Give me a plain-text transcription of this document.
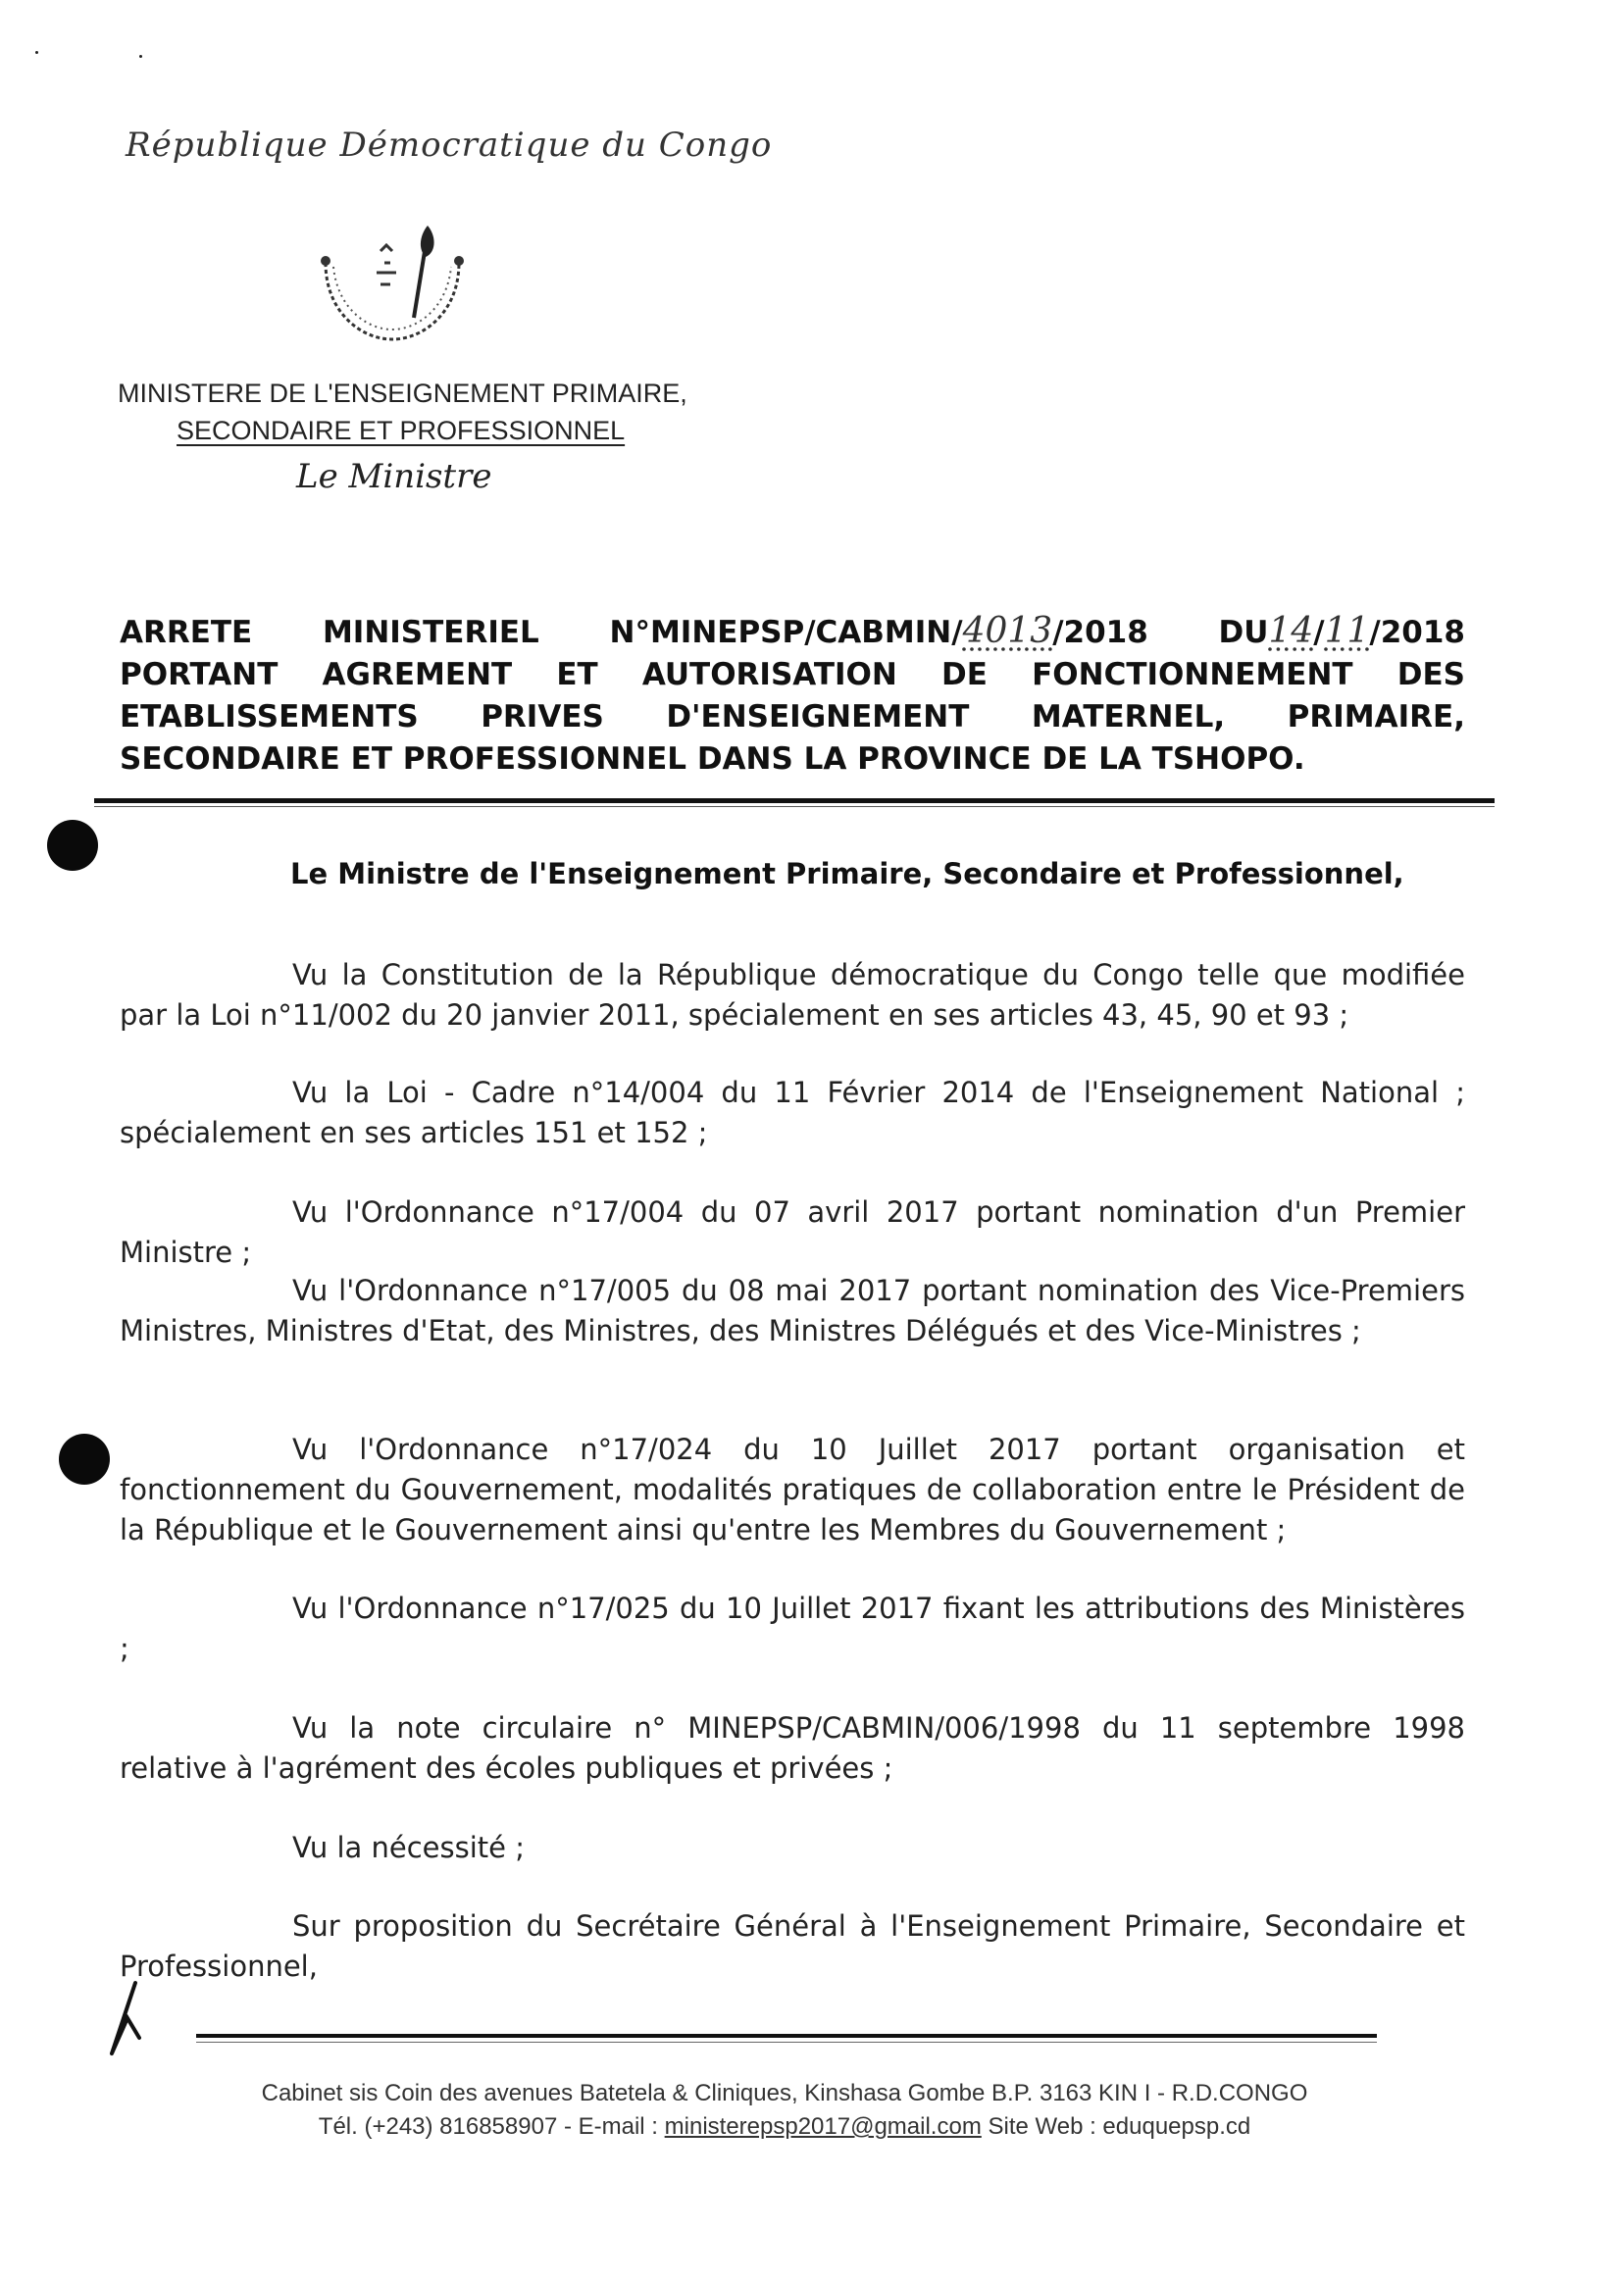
République Démocratique du Congo
MINISTERE DE L'ENSEIGNEMENT PRIMAIRE,
SECONDAIRE ET PROFESSIONNEL
Le Ministre
ARRETE MINISTERIEL N°MINEPSP/CABMIN/4013/2018 DU14/11/2018
PORTANT AGREMENT ET AUTORISATION DE FONCTIONNEMENT DES
ETABLISSEMENTS PRIVES D'ENSEIGNEMENT MATERNEL, PRIMAIRE,
SECONDAIRE ET PROFESSIONNEL DANS LA PROVINCE DE LA TSHOPO.
Le Ministre de l'Enseignement Primaire, Secondaire et Professionnel,
Vu la Constitution de la République démocratique du Congo telle que modifiée par la Loi n°11/002 du 20 janvier 2011, spécialement en ses articles 43, 45, 90 et 93 ;
Vu la Loi - Cadre n°14/004 du 11 Février 2014 de l'Enseignement National ; spécialement en ses articles 151 et 152 ;
Vu l'Ordonnance n°17/004 du 07 avril 2017 portant nomination d'un Premier Ministre ;
Vu l'Ordonnance n°17/005 du 08 mai 2017 portant nomination des Vice-Premiers Ministres, Ministres d'Etat, des Ministres, des Ministres Délégués et des Vice-Ministres ;
Vu l'Ordonnance n°17/024 du 10 Juillet 2017 portant organisation et fonctionnement du Gouvernement, modalités pratiques de collaboration entre le Président de la République et le Gouvernement ainsi qu'entre les Membres du Gouvernement ;
Vu l'Ordonnance n°17/025 du 10 Juillet 2017 fixant les attributions des Ministères ;
Vu la note circulaire n° MINEPSP/CABMIN/006/1998 du 11 septembre 1998 relative à l'agrément des écoles publiques et privées ;
Vu la nécessité ;
Sur proposition du Secrétaire Général à l'Enseignement Primaire, Secondaire et Professionnel,
Cabinet sis Coin des avenues Batetela & Cliniques, Kinshasa Gombe B.P. 3163 KIN I - R.D.CONGO
Tél. (+243) 816858907 - E-mail : ministerepsp2017@gmail.com Site Web : eduquepsp.cd
